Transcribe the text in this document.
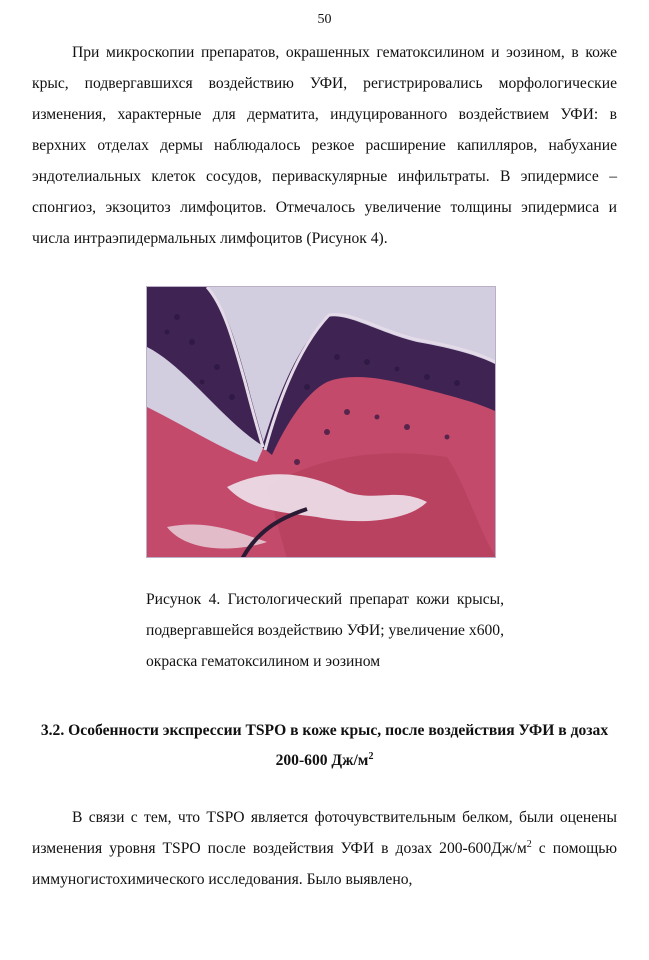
50

При микроскопии препаратов, окрашенных гематоксилином и эозином, в коже крыс, подвергавшихся воздействию УФИ, регистрировались морфологические изменения, характерные для дерматита, индуцированного воздействием УФИ: в верхних отделах дермы наблюдалось резкое расширение капилляров, набухание эндотелиальных клеток сосудов, периваскулярные инфильтраты. В эпидермисе – спонгиоз, экзоцитоз лимфоцитов. Отмечалось увеличение толщины эпидермиса и числа интраэпидермальных лимфоцитов (Рисунок 4).

Рисунок 4. Гистологический препарат кожи крысы, подвергавшейся воздействию УФИ; увеличение х600, окраска гематоксилином и эозином

3.2. Особенности экспрессии TSPO в коже крыс, после воздействия УФИ в дозах 200-600 $Дж/м^2$

В связи с тем, что TSPO является фоточувствительным белком, были оценены изменения уровня TSPO после воздействия УФИ в дозах $200-600Дж/м^2$ с помощью иммуногистохимического исследования. Было выявлено,
